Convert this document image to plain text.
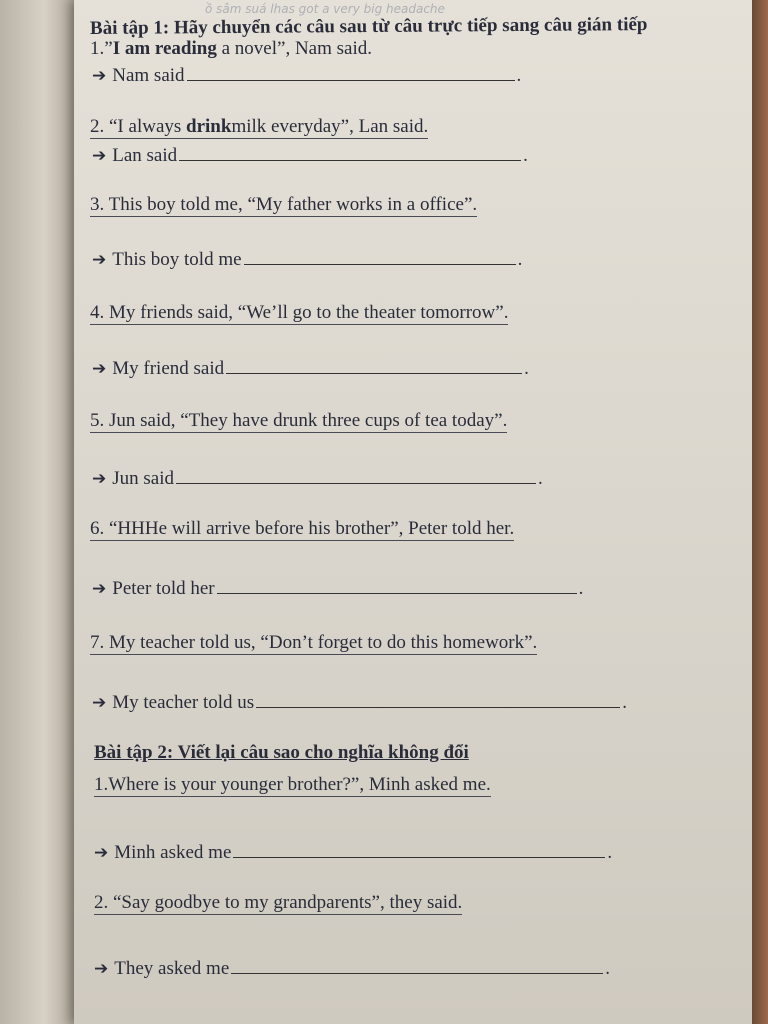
ồ sâm suá lhas got a very big headache
Bài tập 1: Hãy chuyển các câu sau từ câu trực tiếp sang câu gián tiếp
1.”I am reading a novel”, Nam said.
➔ Nam said	.
2. “I always drinkmilk everyday”, Lan said.
➔ Lan said	.
3. This boy told me, “My father works in a office”.
➔ This boy told me	.
4. My friends said, “We’ll go to the theater tomorrow”.
➔ My friend said	.
5. Jun said, “They have drunk three cups of tea today”.
➔ Jun said	.
6. “HHHe will arrive before his brother”, Peter told her.
➔ Peter told her	.
7. My teacher told us, “Don’t forget to do this homework”.
➔ My teacher told us	.
Bài tập 2: Viết lại câu sao cho nghĩa không đổi
1.Where is your younger brother?”, Minh asked me.
➔ Minh asked me	.
2. “Say goodbye to my grandparents”, they said.
➔ They asked me	.
